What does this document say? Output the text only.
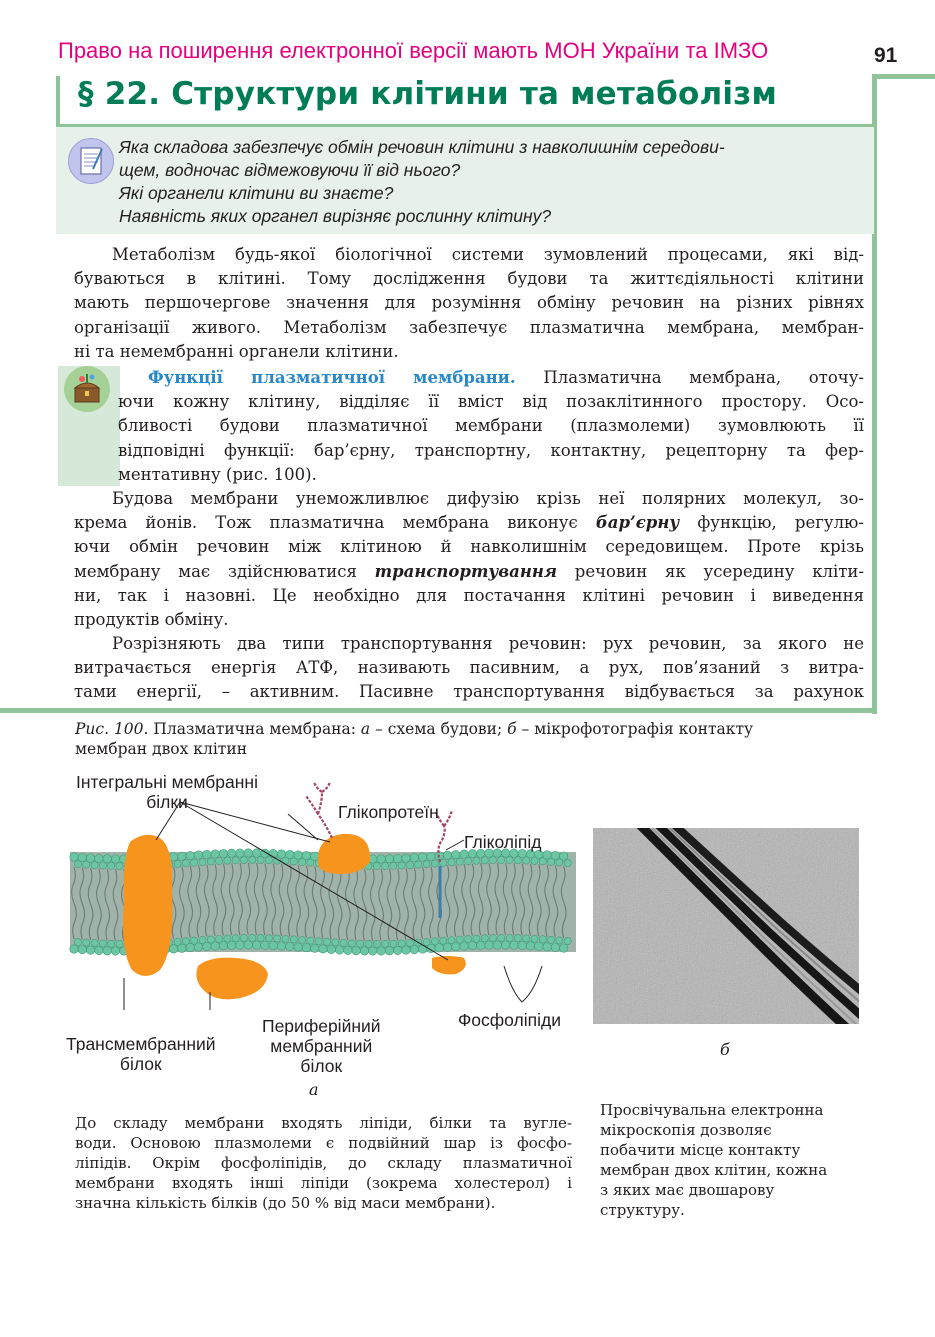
Право на поширення електронної версії мають МОН України та ІМЗО	91
§ 22. Структури клітини та метаболізм
Яка складова забезпечує обмін речовин клітини з навколишнім середови-
щем, водночас відмежовуючи її від нього?
Які органели клітини ви знаєте?
Наявність яких органел вирізняє рослинну клітину?
Метаболізм будь-якої біологічної системи зумовлений процесами, які від-
буваються в клітині. Тому дослідження будови та життєдіяльності клітини
мають першочергове значення для розуміння обміну речовин на різних рівнях
організації живого. Метаболізм забезпечує плазматична мембрана, мембран-
ні та немембранні органели клітини.
Функції плазматичної мембрани. Плазматична мембрана, оточу-
ючи кожну клітину, відділяє її вміст від позаклітинного простору. Осо-
бливості будови плазматичної мембрани (плазмолеми) зумовлюють її
відповідні функції: бар’єрну, транспортну, контактну, рецепторну та фер-
ментативну (рис. 100).
Будова мембрани унеможливлює дифузію крізь неї полярних молекул, зо-
крема йонів. Тож плазматична мембрана виконує бар’єрну функцію, регулю-
ючи обмін речовин між клітиною й навколишнім середовищем. Проте крізь
мембрану має здійснюватися транспортування речовин як усередину кліти-
ни, так і назовні. Це необхідно для постачання клітині речовин і виведення
продуктів обміну.
Розрізняють два типи транспортування речовин: рух речовин, за якого не
витрачається енергія АТФ, називають пасивним, а рух, пов’язаний з витра-
тами енергії, – активним. Пасивне транспортування відбувається за рахунок
Рис. 100. Плазматична мембрана: а – схема будови; б – мікрофотографія контакту
мембран двох клітин
Інтегральні мембранні
білки	Глікопротеїн
Гліколіпід
Фосфоліпіди
Трансмембранний
білок
Периферійний
мембранний
білок
а
б
До складу мембрани входять ліпіди, білки та вугле-
води. Основою плазмолеми є подвійний шар із фосфо-
ліпідів. Окрім фосфоліпідів, до складу плазматичної
мембрани входять інші ліпіди (зокрема холестерол) і
значна кількість білків (до 50 % від маси мембрани).
Просвічувальна електронна
мікроскопія дозволяє
побачити місце контакту
мембран двох клітин, кожна
з яких має двошарову
структуру.
